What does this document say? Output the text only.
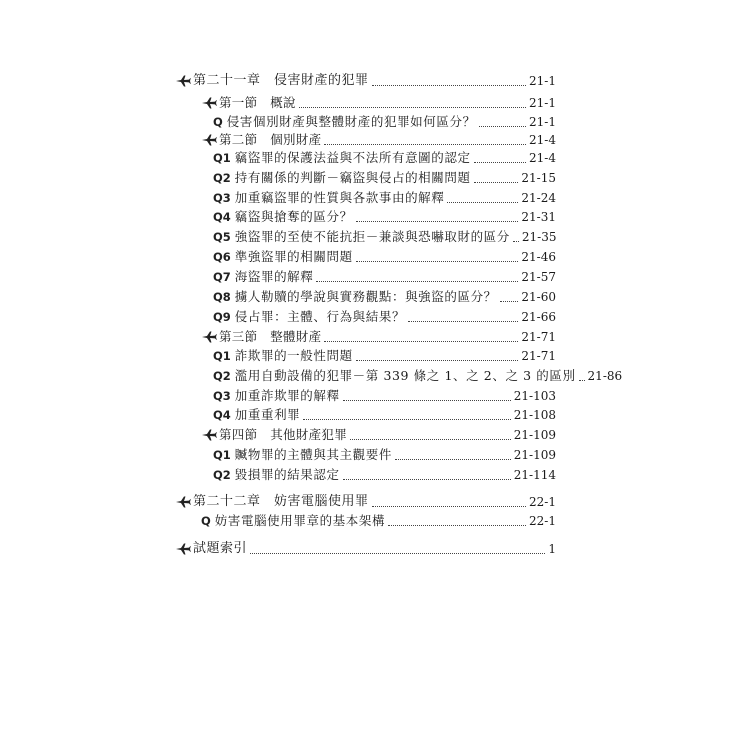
第二十一章　侵害財產的犯罪	21-1
第一節　概說	21-1
Q 侵害個別財產與整體財產的犯罪如何區分？	21-1
第二節　個別財產	21-4
Q1 竊盜罪的保護法益與不法所有意圖的認定	21-4
Q2 持有關係的判斷－竊盜與侵占的相關問題	21-15
Q3 加重竊盜罪的性質與各款事由的解釋	21-24
Q4 竊盜與搶奪的區分？	21-31
Q5 強盜罪的至使不能抗拒－兼談與恐嚇取財的區分 21-35
Q6 準強盜罪的相關問題	21-46
Q7 海盜罪的解釋	21-57
Q8 擄人勒贖的學說與實務觀點：與強盜的區分？ 21-60
Q9 侵占罪：主體、行為與結果？	21-66
第三節　整體財產	21-71
Q1 詐欺罪的一般性問題	21-71
Q2 濫用自動設備的犯罪－第 339 條之 1、之 2、之 3 的區別 21-86
Q3 加重詐欺罪的解釋	21-103
Q4 加重重利罪	21-108
第四節　其他財產犯罪	21-109
Q1 贓物罪的主體與其主觀要件	21-109
Q2 毀損罪的結果認定	21-114
第二十二章　妨害電腦使用罪	22-1
Q 妨害電腦使用罪章的基本架構	22-1
試題索引	1
